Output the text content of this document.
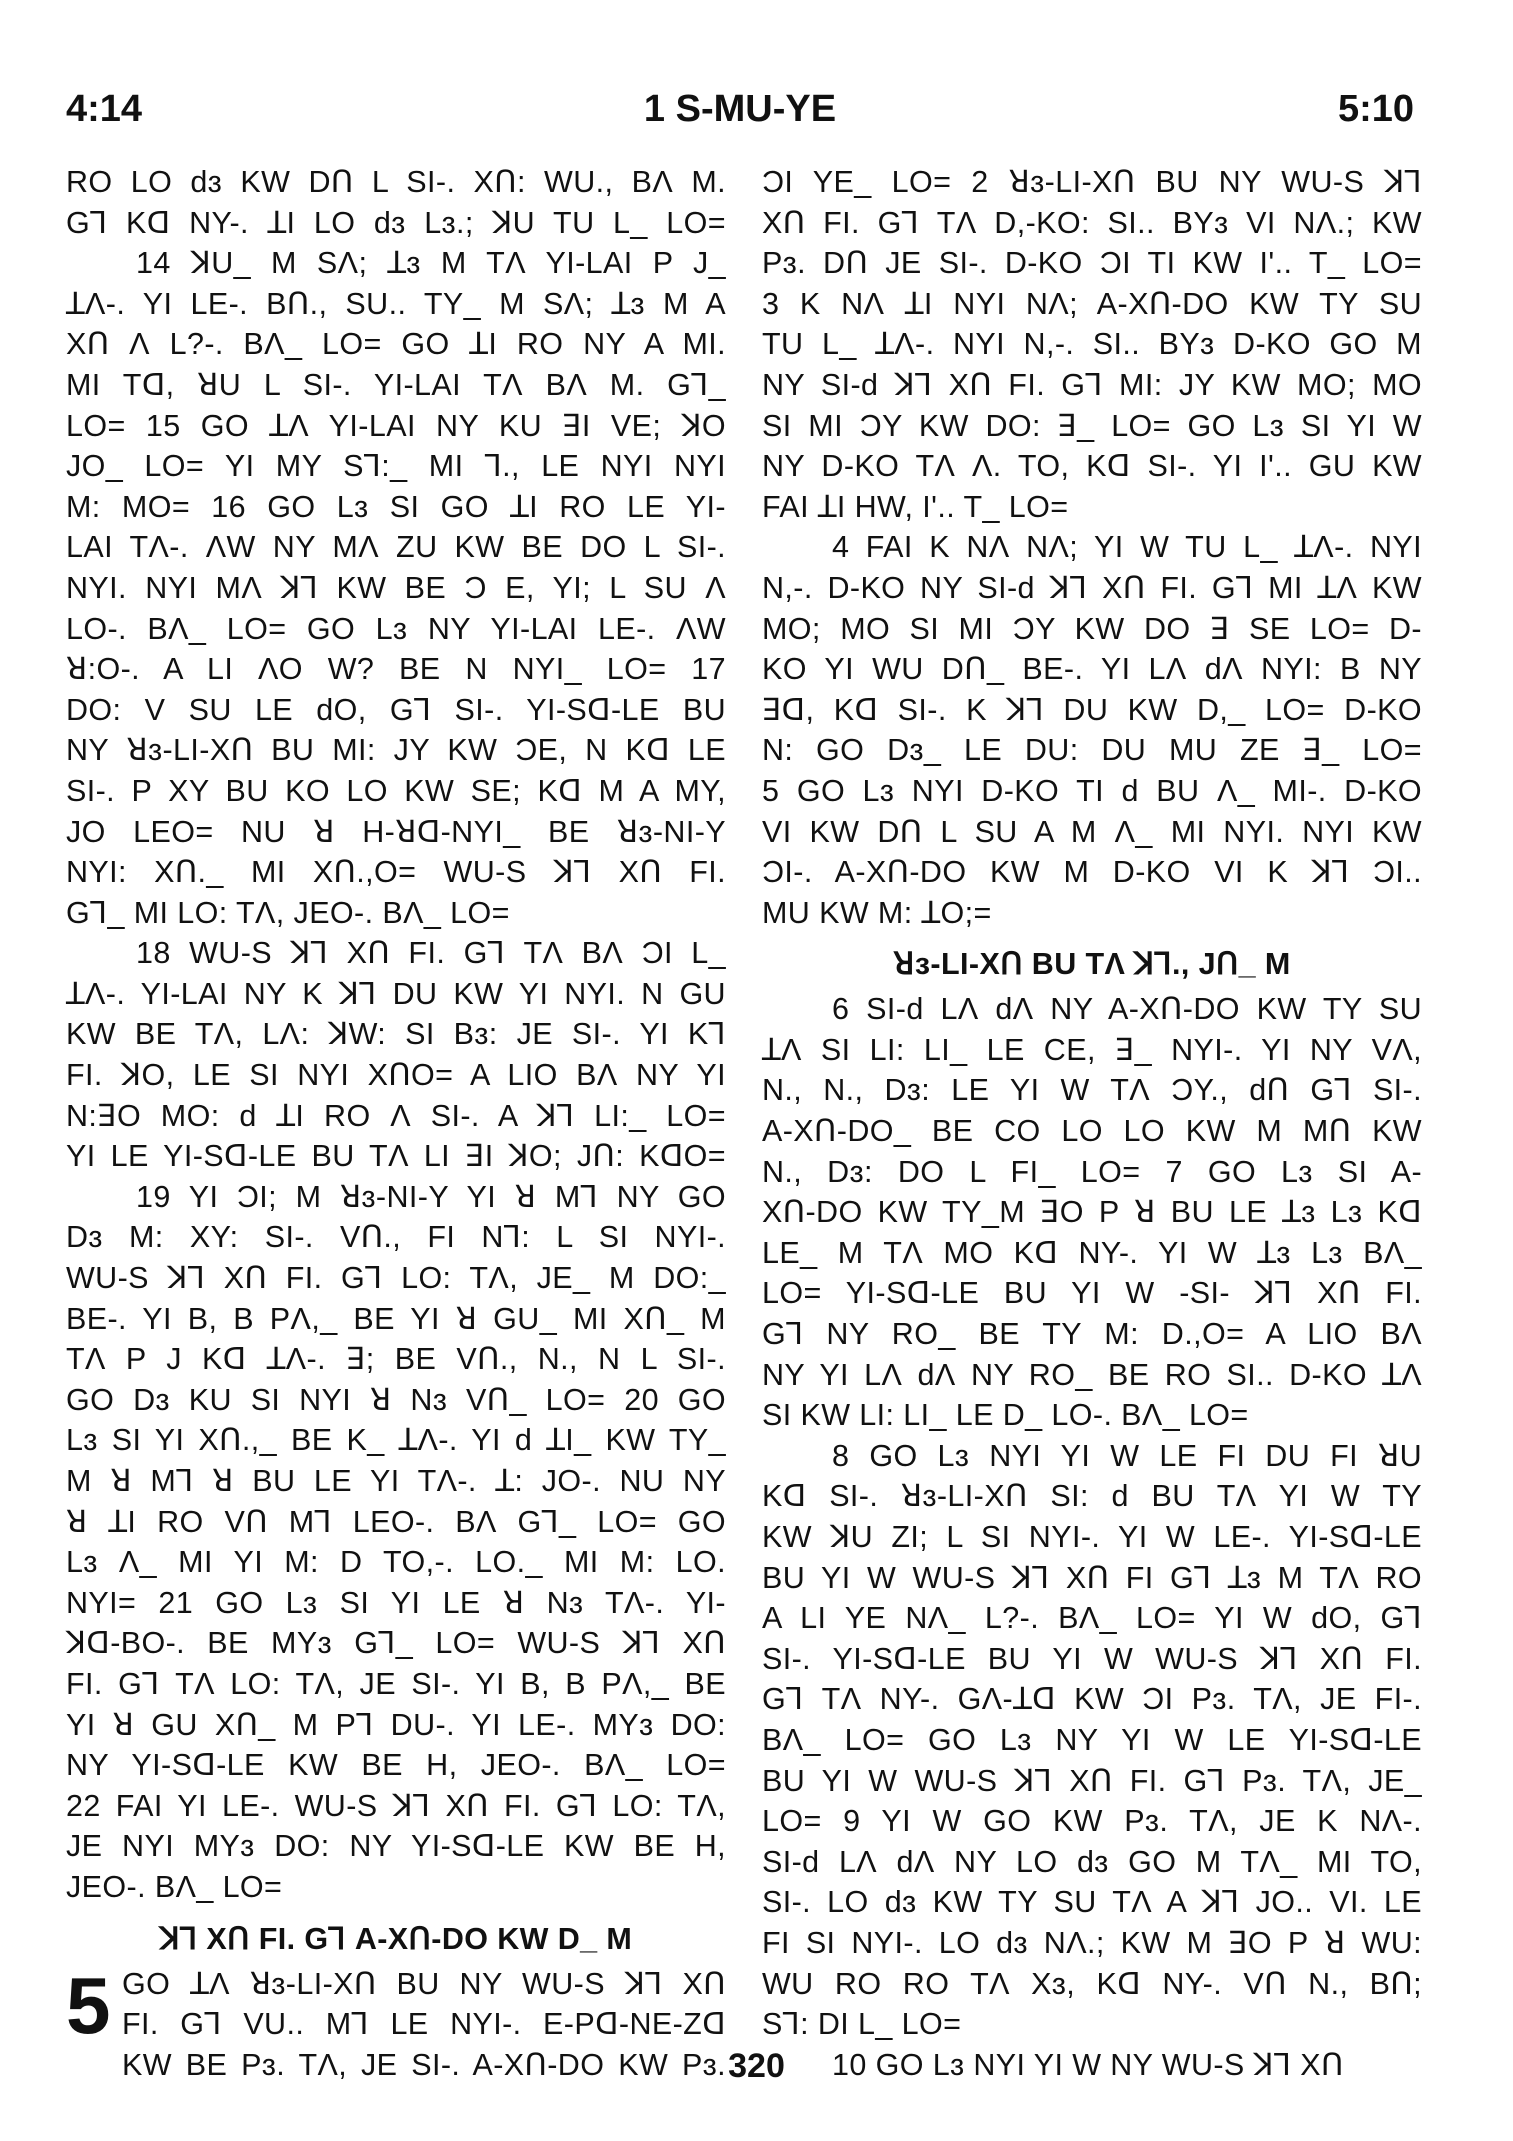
4:14	1 S-MU-YE	5:10
RO LO dɜ KW DՈ L SI-. XՈ: WU., BɅ M.
Gꓶ Kꓷ NY-. ꓕI LO dɜ Lɜ.; ꓘU TU L_ LO=
14 ꓘU_ M SɅ; ꓕɜ M TɅ YI-LAI P J_
ꓕɅ-. YI LE-. BՈ., SU.. TY_ M SɅ; ꓕɜ M A
XՈ Ʌ L?-. BɅ_ LO= GO ꓕI RO NY A MI.
MI Tꓷ, ꓤU L SI-. YI-LAI TɅ BɅ M. Gꓶ_
LO= 15 GO ꓕɅ YI-LAI NY KU ꓱI VE; ꓘO
JO_ LO= YI MY Sꓶ:_ MI ꓶ., LE NYI NYI
M: MO= 16 GO Lɜ SI GO ꓕI RO LE YI-
LAI TɅ-. ɅW NY MɅ ZU KW BE DO L SI-.
NYI. NYI MɅ ꓘꓶ KW BE Ɔ E, YI; L SU Ʌ
LO-. BɅ_ LO= GO Lɜ NY YI-LAI LE-. ɅW
ꓤ:O-. A LI ɅO W? BE N NYI_ LO= 17
DO: V SU LE dO, Gꓶ SI-. YI-Sꓷ-LE BU
NY ꓤɜ-LI-XՈ BU MI: JY KW ƆE, N Kꓷ LE
SI-. P XY BU KO LO KW SE; Kꓷ M A MY,
JO LEO= NU ꓤ H-ꓤꓷ-NYI_ BE ꓤɜ-NI-Y
NYI: XՈ._ MI XՈ.,O= WU-S ꓘꓶ XՈ FI.
Gꓶ_ MI LO: TɅ, JEO-. BɅ_ LO=
18 WU-S ꓘꓶ XՈ FI. Gꓶ TɅ BɅ ƆI L_
ꓕɅ-. YI-LAI NY K ꓘꓶ DU KW YI NYI. N GU
KW BE TɅ, LɅ: ꓘW: SI Bɜ: JE SI-. YI Kꓶ
FI. ꓘO, LE SI NYI XՈO= A LIO BɅ NY YI
N:ꓱO MO: d ꓕI RO Ʌ SI-. A ꓘꓶ LI:_ LO=
YI LE YI-Sꓷ-LE BU TɅ LI ꓱI ꓘO; JՈ: KꓷO=
19 YI ƆI; M ꓤɜ-NI-Y YI ꓤ Mꓶ NY GO
Dɜ M: XY: SI-. VՈ., FI Nꓶ: L SI NYI-.
WU-S ꓘꓶ XՈ FI. Gꓶ LO: TɅ, JE_ M DO:_
BE-. YI B, B PɅ,_ BE YI ꓤ GU_ MI XՈ_ M
TɅ P J Kꓷ ꓕɅ-. ꓱ; BE VՈ., N., N L SI-.
GO Dɜ KU SI NYI ꓤ Nɜ VՈ_ LO= 20 GO
Lɜ SI YI XՈ.,_ BE K_ ꓕɅ-. YI d ꓕI_ KW TY_
M ꓤ Mꓶ ꓤ BU LE YI TɅ-. ꓕ: JO-. NU NY
ꓤ ꓕI RO VՈ Mꓶ LEO-. BɅ Gꓶ_ LO= GO
Lɜ Ʌ_ MI YI M: D TO,-. LO._ MI M: LO.
NYI= 21 GO Lɜ SI YI LE ꓤ Nɜ TɅ-. YI-
ꓘꓷ-BO-. BE MYɜ Gꓶ_ LO= WU-S ꓘꓶ XՈ
FI. Gꓶ TɅ LO: TɅ, JE SI-. YI B, B PɅ,_ BE
YI ꓤ GU XՈ_ M Pꓶ DU-. YI LE-. MYɜ DO:
NY YI-Sꓷ-LE KW BE H, JEO-. BɅ_ LO=
22 FAI YI LE-. WU-S ꓘꓶ XՈ FI. Gꓶ LO: TɅ,
JE NYI MYɜ DO: NY YI-Sꓷ-LE KW BE H,
JEO-. BɅ_ LO=
ꓘꓶ XՈ FI. Gꓶ A-XՈ-DO KW D_ M
5 GO ꓕɅ ꓤɜ-LI-XՈ BU NY WU-S ꓘꓶ XՈ
FI. Gꓶ VU.. Mꓶ LE NYI-. E-Pꓷ-NE-Zꓷ
KW BE Pɜ. TɅ, JE SI-. A-XՈ-DO KW Pɜ.
ƆI YE_ LO= 2 ꓤɜ-LI-XՈ BU NY WU-S ꓘꓶ
XՈ FI. Gꓶ TɅ D,-KO: SI.. BYɜ VI NɅ.; KW
Pɜ. DՈ JE SI-. D-KO ƆI TI KW I'.. T_ LO=
3 K NɅ ꓕI NYI NɅ; A-XՈ-DO KW TY SU
TU L_ ꓕɅ-. NYI N,-. SI.. BYɜ D-KO GO M
NY SI-d ꓘꓶ XՈ FI. Gꓶ MI: JY KW MO; MO
SI MI ƆY KW DO: ꓱ_ LO= GO Lɜ SI YI W
NY D-KO TɅ Ʌ. TO, Kꓷ SI-. YI I'.. GU KW
FAI ꓕI HW, I'.. T_ LO=
4 FAI K NɅ NɅ; YI W TU L_ ꓕɅ-. NYI
N,-. D-KO NY SI-d ꓘꓶ XՈ FI. Gꓶ MI ꓕɅ KW
MO; MO SI MI ƆY KW DO ꓱ SE LO= D-
KO YI WU DՈ_ BE-. YI LɅ dɅ NYI: B NY
ꓱꓷ, Kꓷ SI-. K ꓘꓶ DU KW D,_ LO= D-KO
N: GO Dɜ_ LE DU: DU MU ZE ꓱ_ LO=
5 GO Lɜ NYI D-KO TI d BU Ʌ_ MI-. D-KO
VI KW DՈ L SU A M Ʌ_ MI NYI. NYI KW
ƆI-. A-XՈ-DO KW M D-KO VI K ꓘꓶ ƆI..
MU KW M: ꓕO;=
ꓤɜ-LI-XՈ BU TɅ ꓘꓶ., JՈ_ M
6 SI-d LɅ dɅ NY A-XՈ-DO KW TY SU
ꓕɅ SI LI: LI_ LE CE, ꓱ_ NYI-. YI NY VɅ,
N., N., Dɜ: LE YI W TɅ ƆY., dՈ Gꓶ SI-.
A-XՈ-DO_ BE CO LO LO KW M MՈ KW
N., Dɜ: DO L FI_ LO= 7 GO Lɜ SI A-
XՈ-DO KW TY_M ꓱO P ꓤ BU LE ꓕɜ Lɜ Kꓷ
LE_ M TɅ MO Kꓷ NY-. YI W ꓕɜ Lɜ BɅ_
LO= YI-Sꓷ-LE BU YI W -SI- ꓘꓶ XՈ FI.
Gꓶ NY RO_ BE TY M: D.,O= A LIO BɅ
NY YI LɅ dɅ NY RO_ BE RO SI.. D-KO ꓕɅ
SI KW LI: LI_ LE D_ LO-. BɅ_ LO=
8 GO Lɜ NYI YI W LE FI DU FI ꓤU
Kꓷ SI-. ꓤɜ-LI-XՈ SI: d BU TɅ YI W TY
KW ꓘU ZI; L SI NYI-. YI W LE-. YI-Sꓷ-LE
BU YI W WU-S ꓘꓶ XՈ FI Gꓶ ꓕɜ M TɅ RO
A LI YE NɅ_ L?-. BɅ_ LO= YI W dO, Gꓶ
SI-. YI-Sꓷ-LE BU YI W WU-S ꓘꓶ XՈ FI.
Gꓶ TɅ NY-. GɅ-ꓕꓷ KW ƆI Pɜ. TɅ, JE FI-.
BɅ_ LO= GO Lɜ NY YI W LE YI-Sꓷ-LE
BU YI W WU-S ꓘꓶ XՈ FI. Gꓶ Pɜ. TɅ, JE_
LO= 9 YI W GO KW Pɜ. TɅ, JE K NɅ-.
SI-d LɅ dɅ NY LO dɜ GO M TɅ_ MI TO,
SI-. LO dɜ KW TY SU TɅ A ꓘꓶ JO.. VI. LE
FI SI NYI-. LO dɜ NɅ.; KW M ꓱO P ꓤ WU:
WU RO RO TɅ Xɜ, Kꓷ NY-. VՈ N., BՈ;
Sꓶ: DI L_ LO=
10 GO Lɜ NYI YI W NY WU-S ꓘꓶ XՈ
320
